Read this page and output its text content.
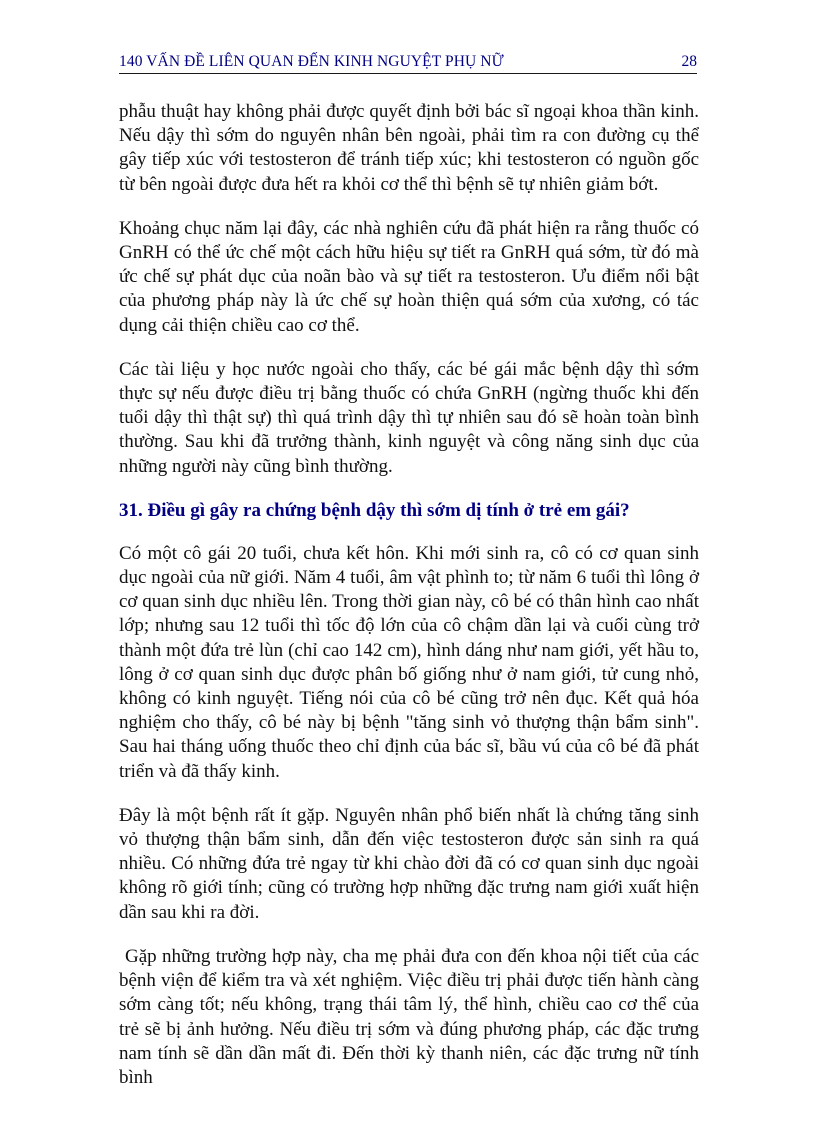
140 VẤN ĐỀ LIÊN QUAN ĐẾN KINH NGUYỆT PHỤ NỮ	28

phẫu thuật hay không phải được quyết định bởi bác sĩ ngoại khoa thần kinh. Nếu dậy thì sớm do nguyên nhân bên ngoài, phải tìm ra con đường cụ thể gây tiếp xúc với testosteron để tránh tiếp xúc; khi testosteron có nguồn gốc từ bên ngoài được đưa hết ra khỏi cơ thể thì bệnh sẽ tự nhiên giảm bớt.

Khoảng chục năm lại đây, các nhà nghiên cứu đã phát hiện ra rằng thuốc có GnRH có thể ức chế một cách hữu hiệu sự tiết ra GnRH quá sớm, từ đó mà ức chế sự phát dục của noãn bào và sự tiết ra testosteron. Ưu điểm nổi bật của phương pháp này là ức chế sự hoàn thiện quá sớm của xương, có tác dụng cải thiện chiều cao cơ thể.

Các tài liệu y học nước ngoài cho thấy, các bé gái mắc bệnh dậy thì sớm thực sự nếu được điều trị bằng thuốc có chứa GnRH (ngừng thuốc khi đến tuổi dậy thì thật sự) thì quá trình dậy thì tự nhiên sau đó sẽ hoàn toàn bình thường. Sau khi đã trưởng thành, kinh nguyệt và công năng sinh dục của những người này cũng bình thường.

31. Điều gì gây ra chứng bệnh dậy thì sớm dị tính ở trẻ em gái?

Có một cô gái 20 tuổi, chưa kết hôn. Khi mới sinh ra, cô có cơ quan sinh dục ngoài của nữ giới. Năm 4 tuổi, âm vật phình to; từ năm 6 tuổi thì lông ở cơ quan sinh dục nhiều lên. Trong thời gian này, cô bé có thân hình cao nhất lớp; nhưng sau 12 tuổi thì tốc độ lớn của cô chậm dần lại và cuối cùng trở thành một đứa trẻ lùn (chỉ cao 142 cm), hình dáng như nam giới, yết hầu to, lông ở cơ quan sinh dục được phân bố giống như ở nam giới, tử cung nhỏ, không có kinh nguyệt. Tiếng nói của cô bé cũng trở nên đục. Kết quả hóa nghiệm cho thấy, cô bé này bị bệnh "tăng sinh vỏ thượng thận bẩm sinh". Sau hai tháng uống thuốc theo chỉ định của bác sĩ, bầu vú của cô bé đã phát triển và đã thấy kinh.

Đây là một bệnh rất ít gặp. Nguyên nhân phổ biến nhất là chứng tăng sinh vỏ thượng thận bẩm sinh, dẫn đến việc testosteron được sản sinh ra quá nhiều. Có những đứa trẻ ngay từ khi chào đời đã có cơ quan sinh dục ngoài không rõ giới tính; cũng có trường hợp những đặc trưng nam giới xuất hiện dần sau khi ra đời.

Gặp những trường hợp này, cha mẹ phải đưa con đến khoa nội tiết của các bệnh viện để kiểm tra và xét nghiệm. Việc điều trị phải được tiến hành càng sớm càng tốt; nếu không, trạng thái tâm lý, thể hình, chiều cao cơ thể của trẻ sẽ bị ảnh hưởng. Nếu điều trị sớm và đúng phương pháp, các đặc trưng nam tính sẽ dần dần mất đi. Đến thời kỳ thanh niên, các đặc trưng nữ tính bình
